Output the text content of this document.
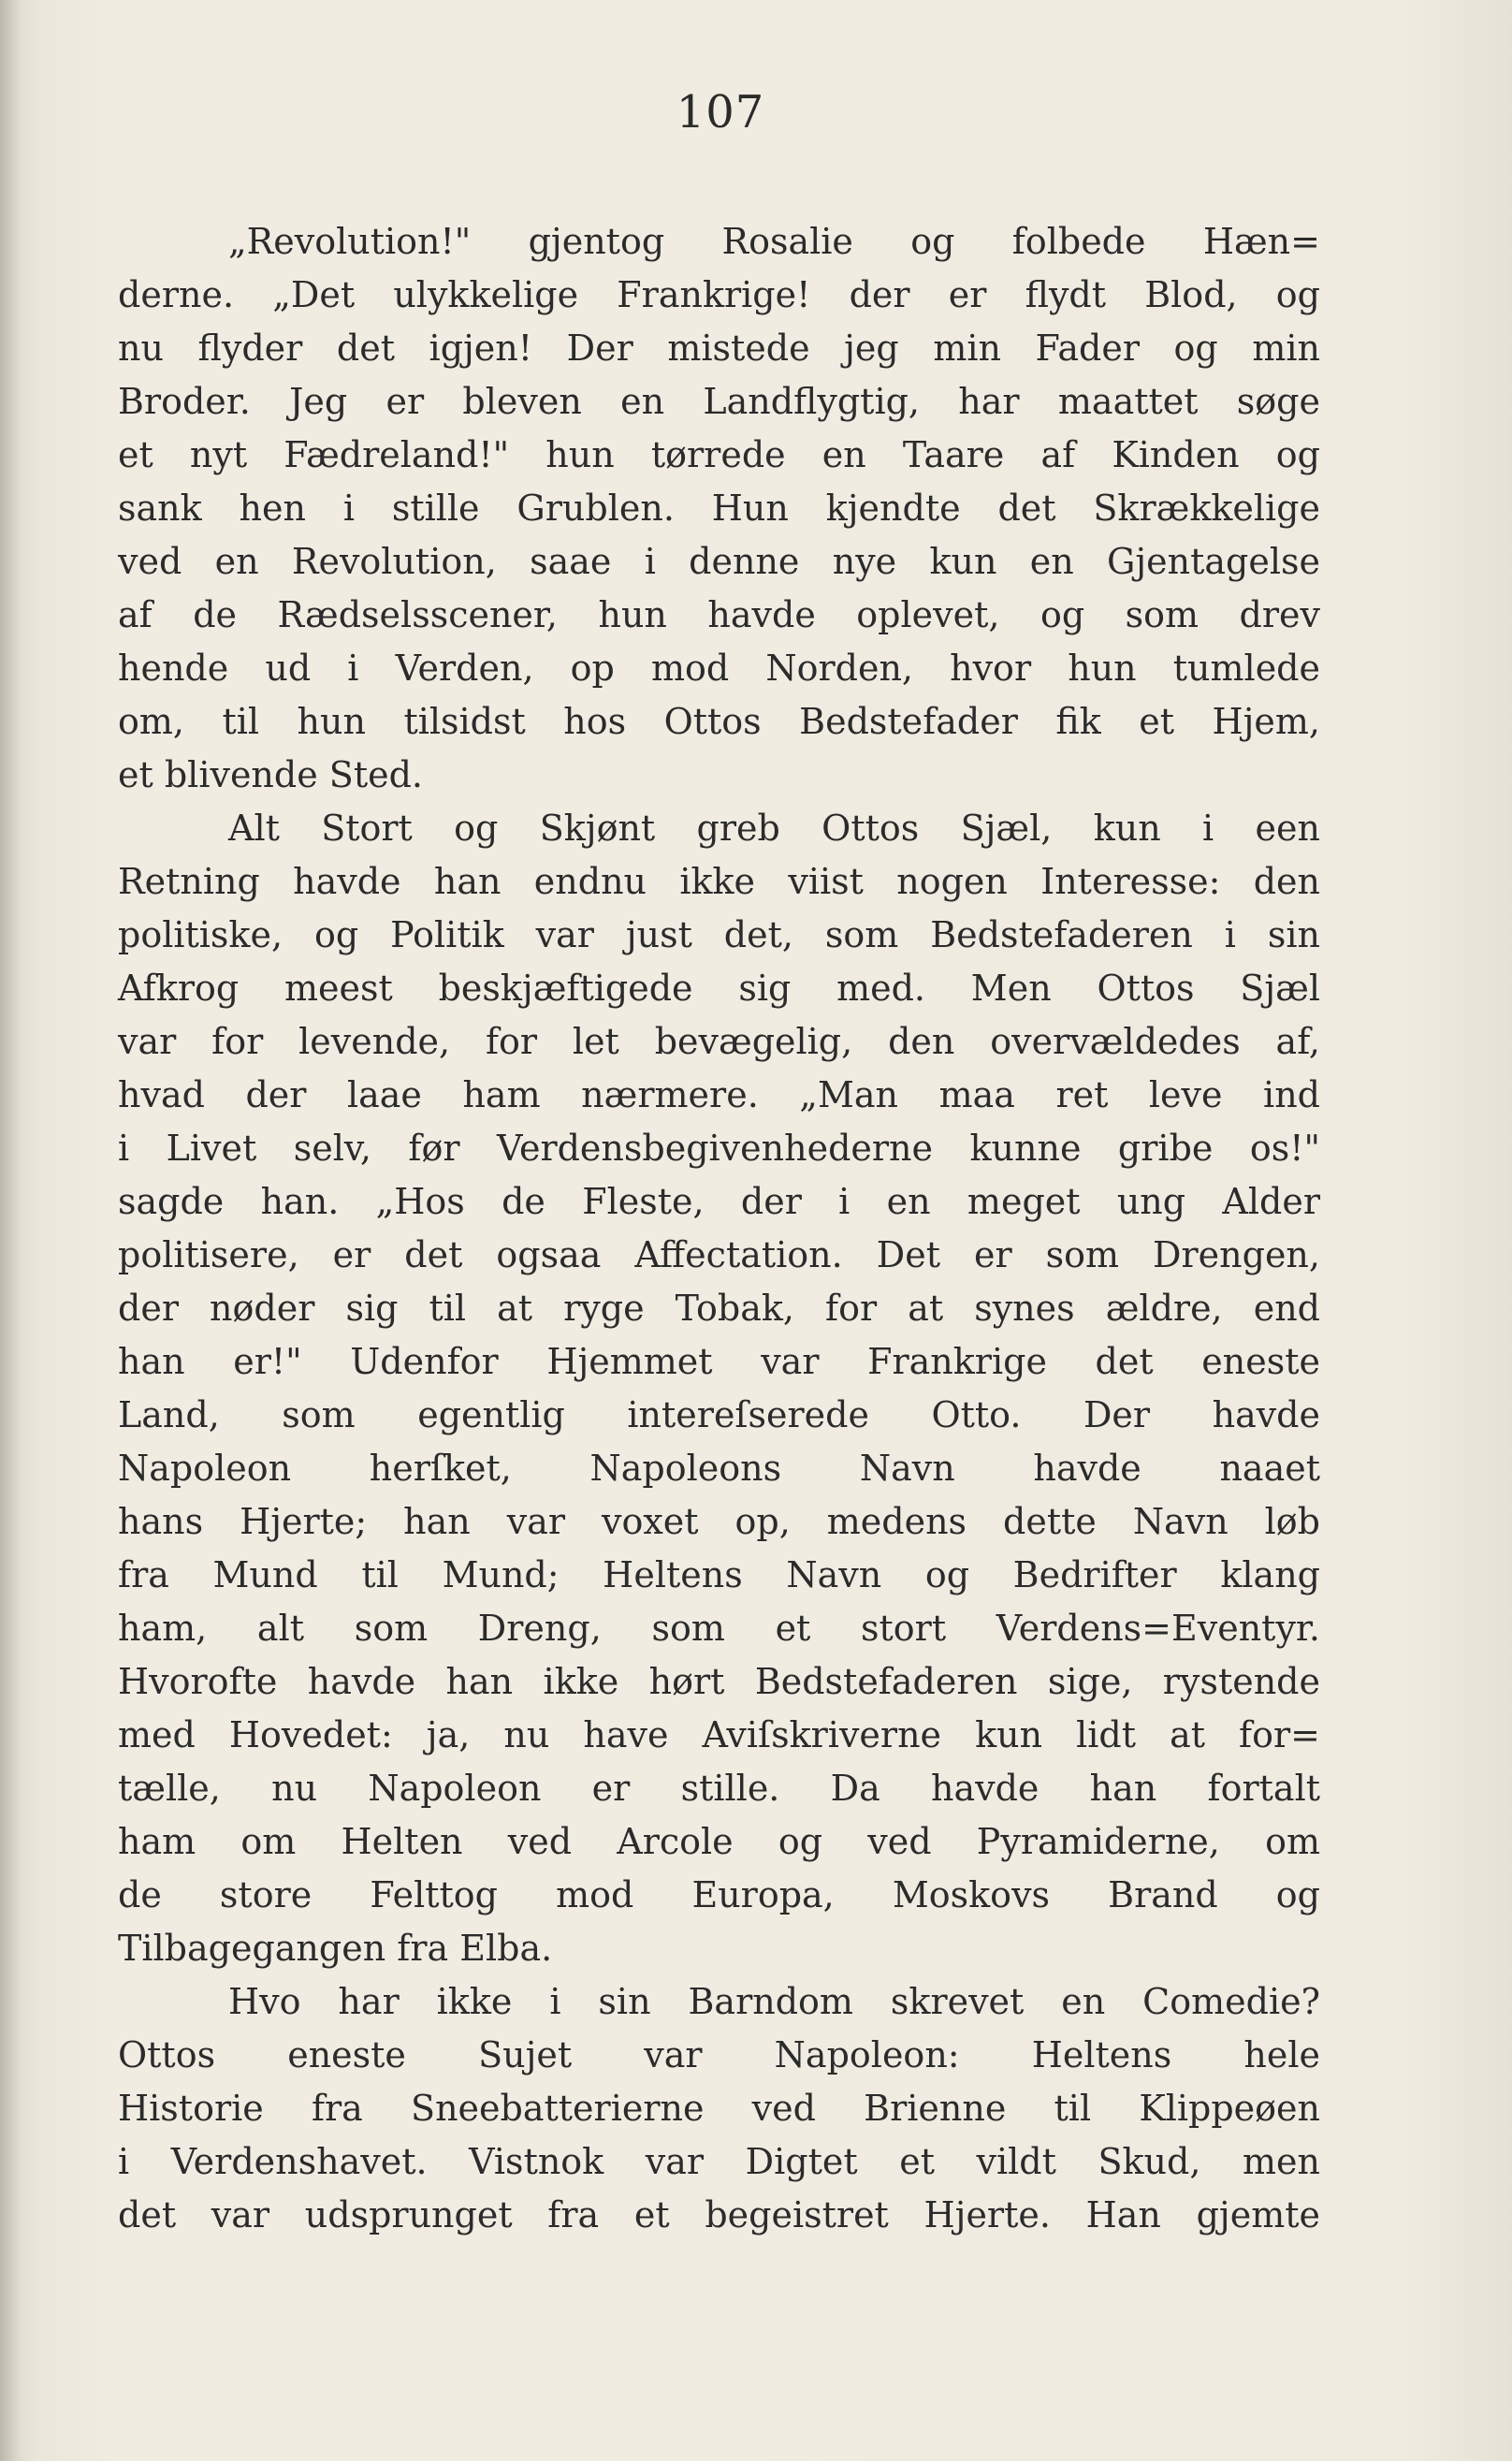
107
„Revolution!" gjentog Rosalie og folbede Hæn=
derne. „Det ulykkelige Frankrige! der er flydt Blod, og
nu flyder det igjen! Der mistede jeg min Fader og min
Broder. Jeg er bleven en Landflygtig, har maattet søge
et nyt Fædreland!" hun tørrede en Taare af Kinden og
sank hen i stille Grublen. Hun kjendte det Skrækkelige
ved en Revolution, saae i denne nye kun en Gjentagelse
af de Rædselsscener, hun havde oplevet, og som drev
hende ud i Verden, op mod Norden, hvor hun tumlede
om, til hun tilsidst hos Ottos Bedstefader fik et Hjem,
et blivende Sted.
Alt Stort og Skjønt greb Ottos Sjæl, kun i een
Retning havde han endnu ikke viist nogen Interesse: den
politiske, og Politik var just det, som Bedstefaderen i sin
Afkrog meest beskjæftigede sig med. Men Ottos Sjæl
var for levende, for let bevægelig, den overvældedes af,
hvad der laae ham nærmere. „Man maa ret leve ind
i Livet selv, før Verdensbegivenhederne kunne gribe os!"
sagde han. „Hos de Fleste, der i en meget ung Alder
politisere, er det ogsaa Affectation. Det er som Drengen,
der nøder sig til at ryge Tobak, for at synes ældre, end
han er!" Udenfor Hjemmet var Frankrige det eneste
Land, som egentlig intereſserede Otto. Der havde
Napoleon herſket, Napoleons Navn havde naaet
hans Hjerte; han var voxet op, medens dette Navn løb
fra Mund til Mund; Heltens Navn og Bedrifter klang
ham, alt som Dreng, som et stort Verdens=Eventyr.
Hvorofte havde han ikke hørt Bedstefaderen sige, rystende
med Hovedet: ja, nu have Aviſskriverne kun lidt at for=
tælle, nu Napoleon er stille. Da havde han fortalt
ham om Helten ved Arcole og ved Pyramiderne, om
de store Felttog mod Europa, Moskovs Brand og
Tilbagegangen fra Elba.
Hvo har ikke i sin Barndom skrevet en Comedie?
Ottos eneste Sujet var Napoleon: Heltens hele
Historie fra Sneebatterierne ved Brienne til Klippeøen
i Verdenshavet. Vistnok var Digtet et vildt Skud, men
det var udsprunget fra et begeistret Hjerte. Han gjemte
